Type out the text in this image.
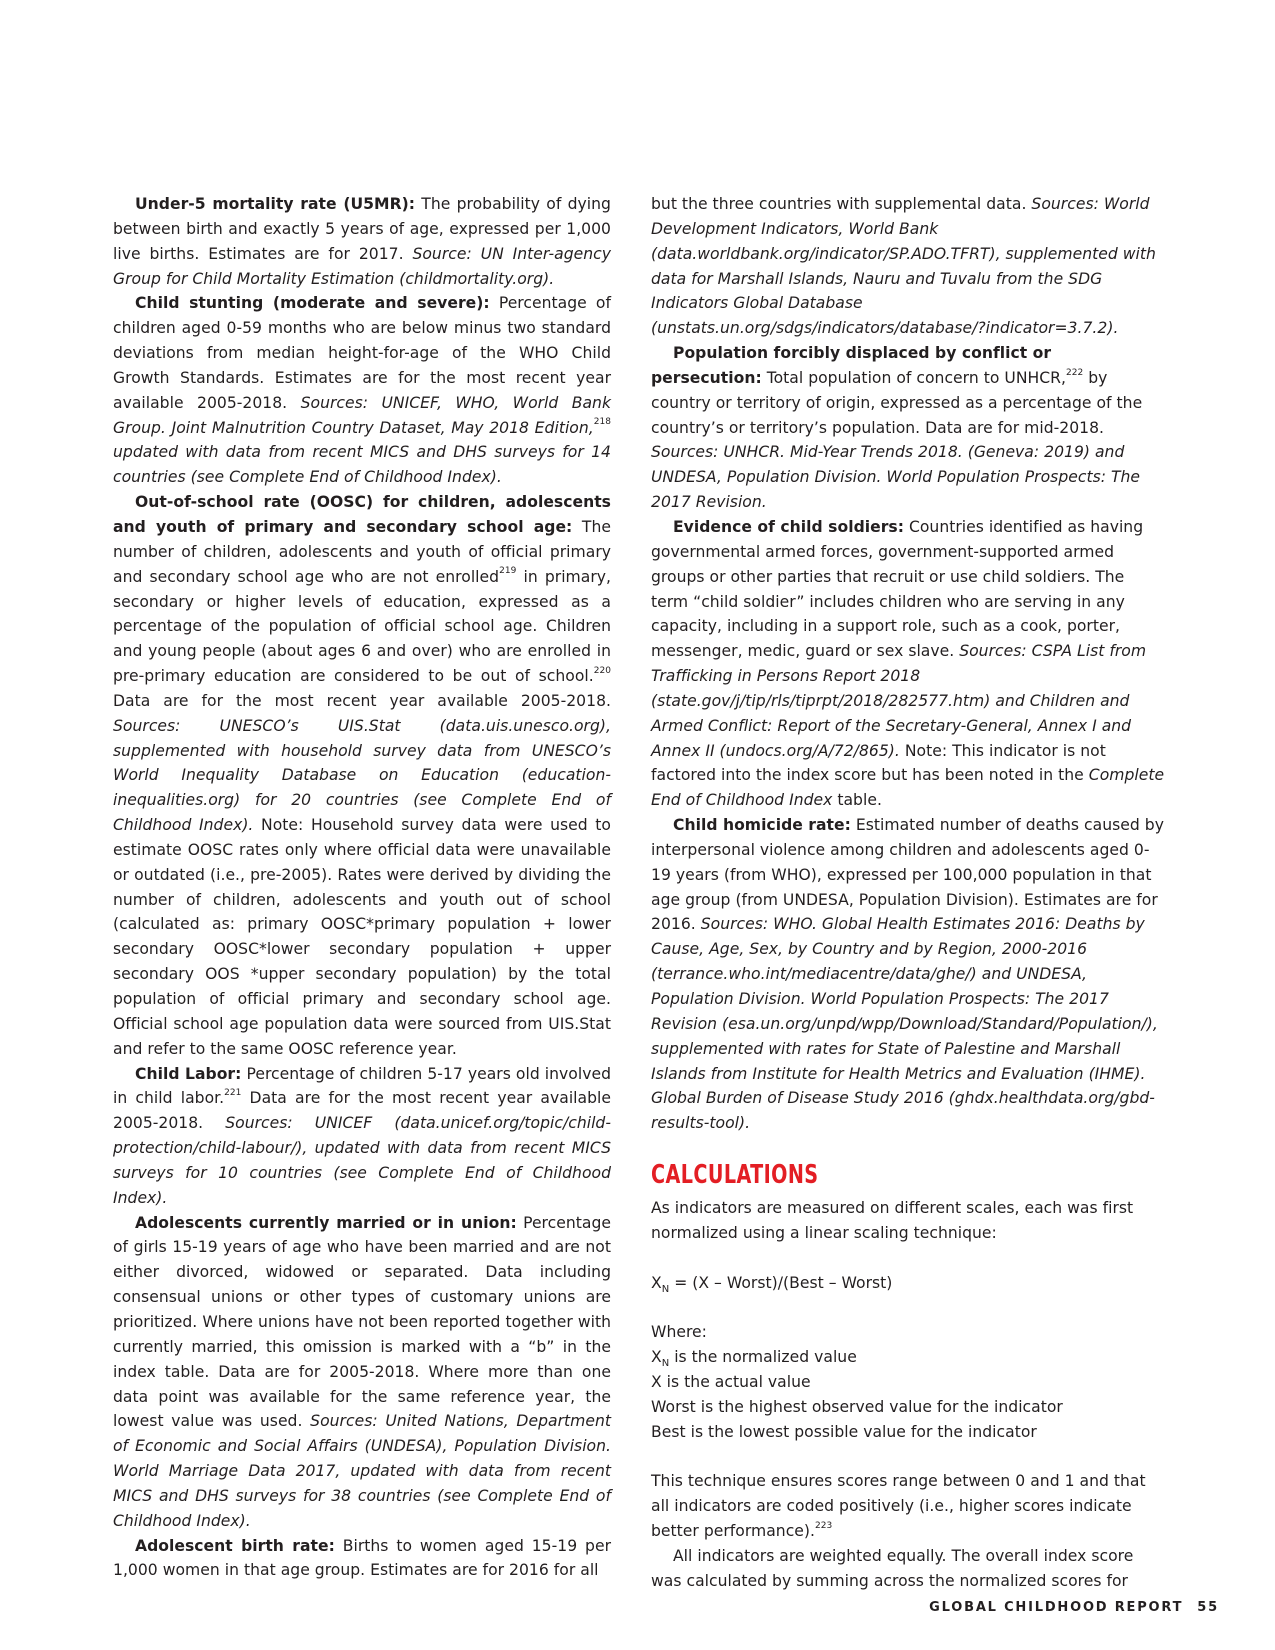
Under-5 mortality rate (U5MR): The probability of dying between birth and exactly 5 years of age, expressed per 1,000 live births. Estimates are for 2017. Source: UN Inter-agency Group for Child Mortality Estimation (childmortality.org).

Child stunting (moderate and severe): Percentage of children aged 0-59 months who are below minus two standard deviations from median height-for-age of the WHO Child Growth Standards. Estimates are for the most recent year available 2005-2018. Sources: UNICEF, WHO, World Bank Group. Joint Malnutrition Country Dataset, May 2018 Edition,$^{218}$ updated with data from recent MICS and DHS surveys for 14 countries (see Complete End of Childhood Index).

Out-of-school rate (OOSC) for children, adolescents and youth of primary and secondary school age: The number of children, adolescents and youth of official primary and secondary school age who are not enrolled$^{219}$ in primary, secondary or higher levels of education, expressed as a percentage of the population of official school age. Children and young people (about ages 6 and over) who are enrolled in pre-primary education are considered to be out of school.$^{220}$ Data are for the most recent year available 2005-2018. Sources: UNESCO’s UIS.Stat (data.uis.unesco.org), supplemented with household survey data from UNESCO’s World Inequality Database on Education (education-inequalities.org) for 20 countries (see Complete End of Childhood Index). Note: Household survey data were used to estimate OOSC rates only where official data were unavailable or outdated (i.e., pre-2005). Rates were derived by dividing the number of children, adolescents and youth out of school (calculated as: primary OOSC*primary population + lower secondary OOSC*lower secondary population + upper secondary OOS *upper secondary population) by the total population of official primary and secondary school age. Official school age population data were sourced from UIS.Stat and refer to the same OOSC reference year.

Child Labor: Percentage of children 5-17 years old involved in child labor.$^{221}$ Data are for the most recent year available 2005-2018. Sources: UNICEF (data.unicef.org/topic/child-protection/child-labour/), updated with data from recent MICS surveys for 10 countries (see Complete End of Childhood Index).

Adolescents currently married or in union: Percentage of girls 15-19 years of age who have been married and are not either divorced, widowed or separated. Data including consensual unions or other types of customary unions are prioritized. Where unions have not been reported together with currently married, this omission is marked with a “b” in the index table. Data are for 2005-2018. Where more than one data point was available for the same reference year, the lowest value was used. Sources: United Nations, Department of Economic and Social Affairs (UNDESA), Population Division. World Marriage Data 2017, updated with data from recent MICS and DHS surveys for 38 countries (see Complete End of Childhood Index).

Adolescent birth rate: Births to women aged 15-19 per 1,000 women in that age group. Estimates are for 2016 for all

but the three countries with supplemental data. Sources: World Development Indicators, World Bank (data.worldbank.org/indicator/SP.ADO.TFRT), supplemented with data for Marshall Islands, Nauru and Tuvalu from the SDG Indicators Global Database (unstats.un.org/sdgs/indicators/database/?indicator=3.7.2).

Population forcibly displaced by conflict or persecution: Total population of concern to UNHCR,$^{222}$ by country or territory of origin, expressed as a percentage of the country’s or territory’s population. Data are for mid-2018. Sources: UNHCR. Mid-Year Trends 2018. (Geneva: 2019) and UNDESA, Population Division. World Population Prospects: The 2017 Revision.

Evidence of child soldiers: Countries identified as having governmental armed forces, government-supported armed groups or other parties that recruit or use child soldiers. The term “child soldier” includes children who are serving in any capacity, including in a support role, such as a cook, porter, messenger, medic, guard or sex slave. Sources: CSPA List from Trafficking in Persons Report 2018 (state.gov/j/tip/rls/tiprpt/2018/282577.htm) and Children and Armed Conflict: Report of the Secretary-General, Annex I and Annex II (undocs.org/A/72/865). Note: This indicator is not factored into the index score but has been noted in the Complete End of Childhood Index table.

Child homicide rate: Estimated number of deaths caused by interpersonal violence among children and adolescents aged 0-19 years (from WHO), expressed per 100,000 population in that age group (from UNDESA, Population Division). Estimates are for 2016. Sources: WHO. Global Health Estimates 2016: Deaths by Cause, Age, Sex, by Country and by Region, 2000-2016 (terrance.who.int/mediacentre/data/ghe/) and UNDESA, Population Division. World Population Prospects: The 2017 Revision (esa.un.org/unpd/wpp/Download/Standard/Population/), supplemented with rates for State of Palestine and Marshall Islands from Institute for Health Metrics and Evaluation (IHME). Global Burden of Disease Study 2016 (ghdx.healthdata.org/gbd-results-tool).

CALCULATIONS

As indicators are measured on different scales, each was first normalized using a linear scaling technique:

$X_N = (X$ – Worst)/(Best – Worst)

Where:

$X_N$ is the normalized value

X is the actual value

Worst is the highest observed value for the indicator

Best is the lowest possible value for the indicator

This technique ensures scores range between 0 and 1 and that all indicators are coded positively (i.e., higher scores indicate better performance).$^{223}$

All indicators are weighted equally. The overall index score was calculated by summing across the normalized scores for

GLOBAL CHILDHOOD REPORT 55
